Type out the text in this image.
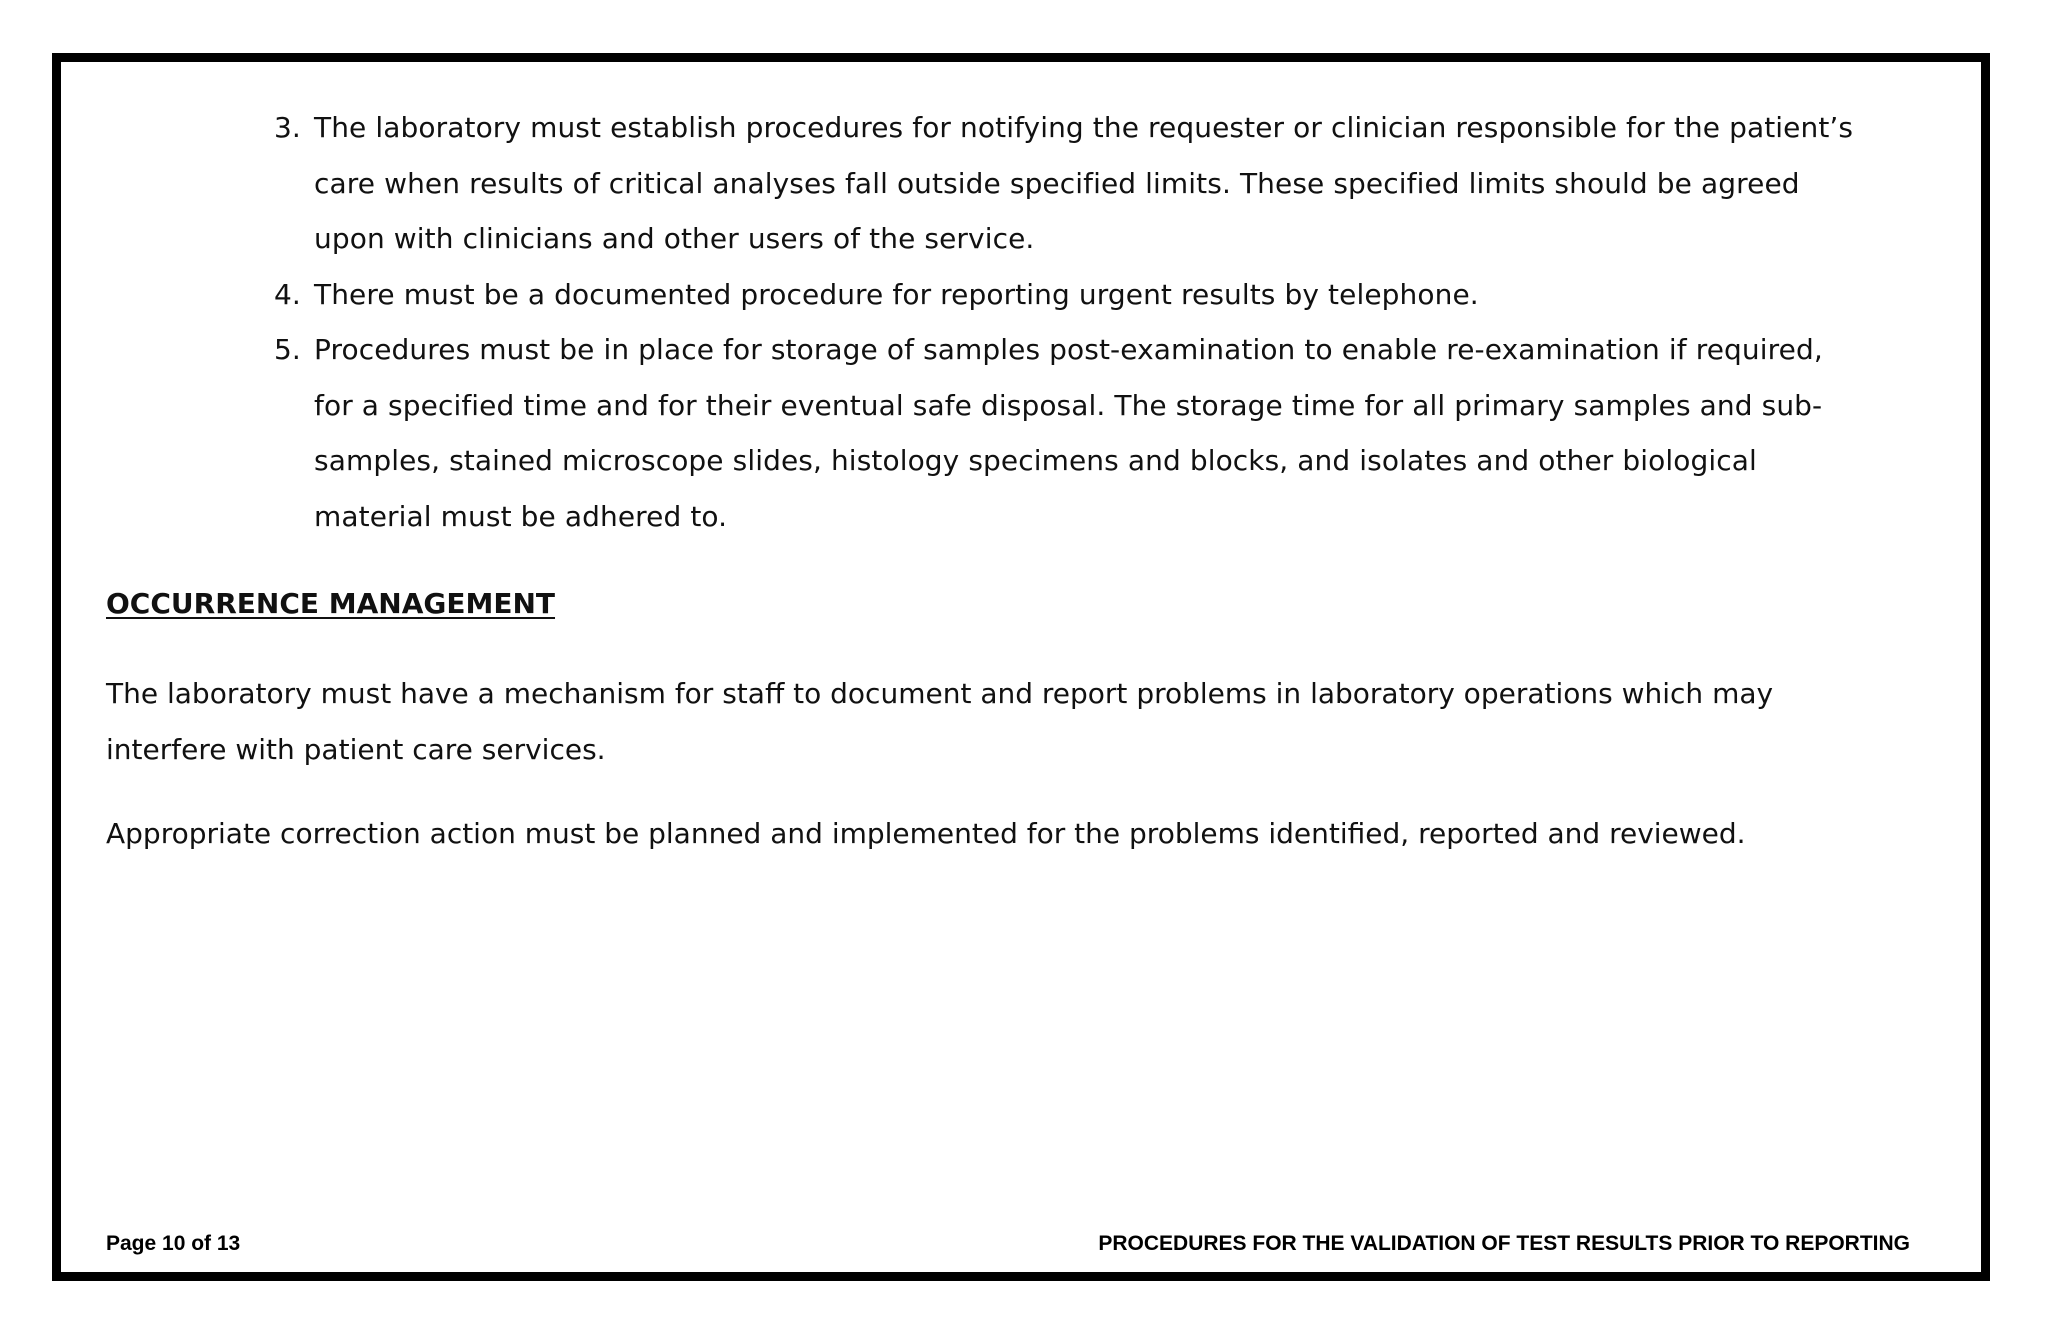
3. The laboratory must establish procedures for notifying the requester or clinician responsible for the patient’s care when results of critical analyses fall outside specified limits. These specified limits should be agreed upon with clinicians and other users of the service.
4. There must be a documented procedure for reporting urgent results by telephone.
5. Procedures must be in place for storage of samples post-examination to enable re-examination if required, for a specified time and for their eventual safe disposal. The storage time for all primary samples and sub-samples, stained microscope slides, histology specimens and blocks, and isolates and other biological material must be adhered to.
OCCURRENCE MANAGEMENT

The laboratory must have a mechanism for staff to document and report problems in laboratory operations which may interfere with patient care services.

Appropriate correction action must be planned and implemented for the problems identified, reported and reviewed.

Page 10 of 13	PROCEDURES FOR THE VALIDATION OF TEST RESULTS PRIOR TO REPORTING
